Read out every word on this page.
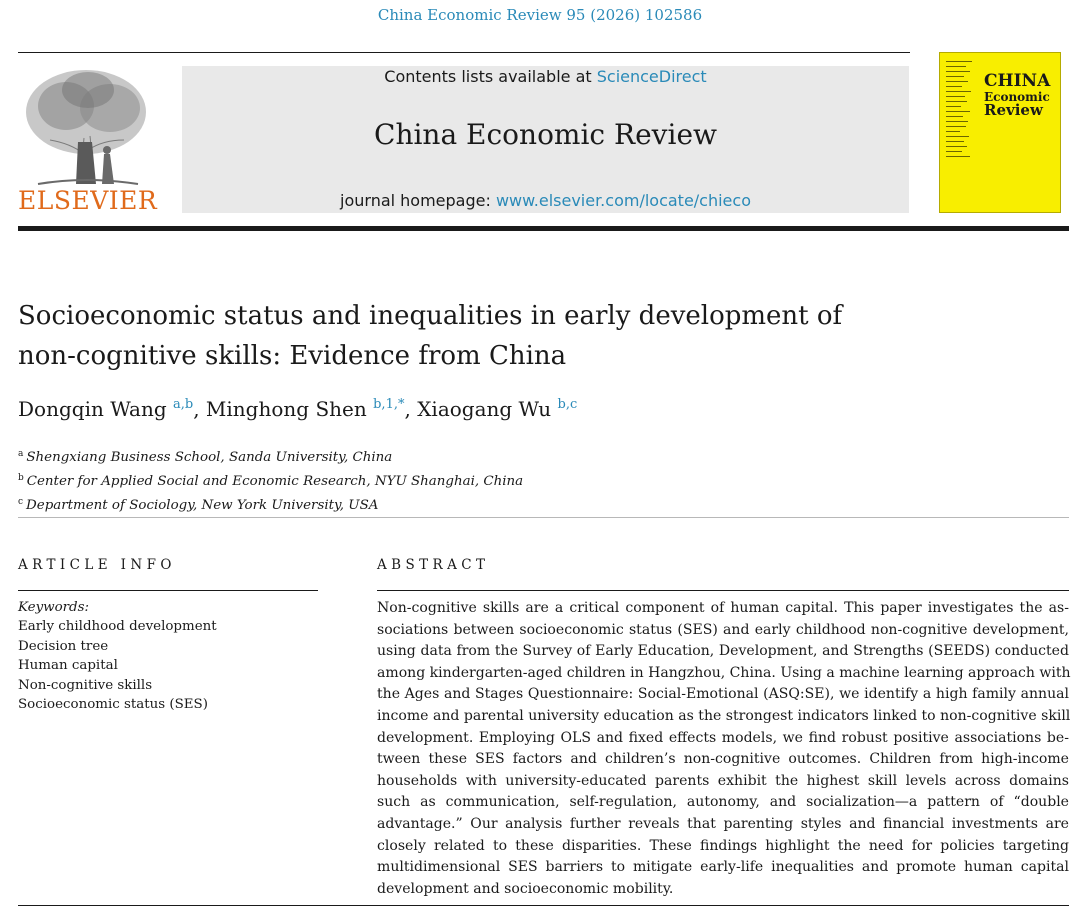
China Economic Review 95 (2026) 102586
ELSEVIER
Contents lists available at ScienceDirect
China Economic Review
journal homepage: www.elsevier.com/locate/chieco
CHINA
Economic
Review
Socioeconomic status and inequalities in early development of
non-cognitive skills: Evidence from China
Dongqin Wang $^{a,b}$, Minghong Shen $^{b,1,*}$, Xiaogang Wu $^{b,c}$
$^a$ Shengxiang Business School, Sanda University, China
$^b$ Center for Applied Social and Economic Research, NYU Shanghai, China
$^c$ Department of Sociology, New York University, USA
ARTICLE INFO
Keywords:
Early childhood development
Decision tree
Human capital
Non-cognitive skills
Socioeconomic status (SES)
ABSTRACT
Non-cognitive skills are a critical component of human capital. This paper investigates the as-
sociations between socioeconomic status (SES) and early childhood non-cognitive development,
using data from the Survey of Early Education, Development, and Strengths (SEEDS) conducted
among kindergarten-aged children in Hangzhou, China. Using a machine learning approach with
the Ages and Stages Questionnaire: Social-Emotional (ASQ:SE), we identify a high family annual
income and parental university education as the strongest indicators linked to non-cognitive skill
development. Employing OLS and fixed effects models, we find robust positive associations be-
tween these SES factors and children’s non-cognitive outcomes. Children from high-income
households with university-educated parents exhibit the highest skill levels across domains
such as communication, self-regulation, autonomy, and socialization—a pattern of “double
advantage.” Our analysis further reveals that parenting styles and financial investments are
closely related to these disparities. These findings highlight the need for policies targeting
multidimensional SES barriers to mitigate early-life inequalities and promote human capital
development and socioeconomic mobility.
